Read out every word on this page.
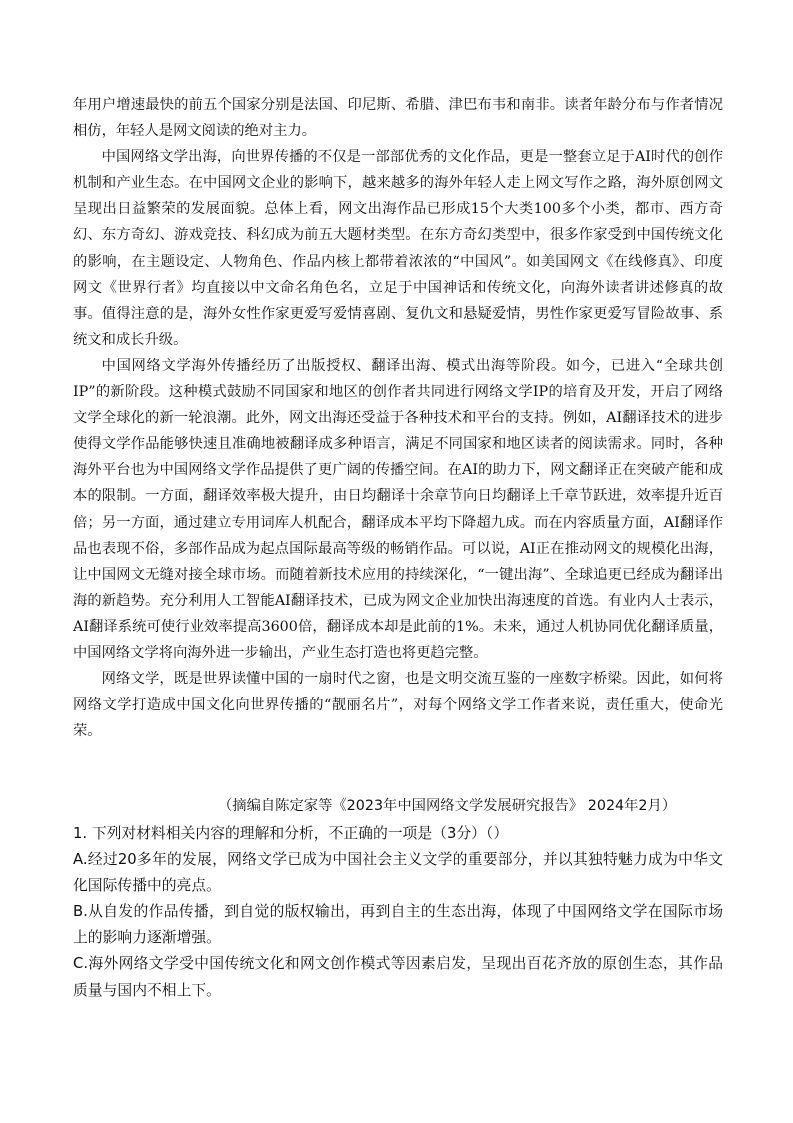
年用户增速最快的前五个国家分别是法国、印尼斯、希腊、津巴布韦和南非。读者年龄分布与作者情况相仿，年轻人是网文阅读的绝对主力。

中国网络文学出海，向世界传播的不仅是一部部优秀的文化作品，更是一整套立足于AI时代的创作机制和产业生态。在中国网文企业的影响下，越来越多的海外年轻人走上网文写作之路，海外原创网文呈现出日益繁荣的发展面貌。总体上看，网文出海作品已形成15个大类100多个小类，都市、西方奇幻、东方奇幻、游戏竞技、科幻成为前五大题材类型。在东方奇幻类型中，很多作家受到中国传统文化的影响，在主题设定、人物角色、作品内核上都带着浓浓的“中国风”。如美国网文《在线修真》、印度网文《世界行者》均直接以中文命名角色名，立足于中国神话和传统文化，向海外读者讲述修真的故事。值得注意的是，海外女性作家更爱写爱情喜剧、复仇文和悬疑爱情，男性作家更爱写冒险故事、系统文和成长升级。

中国网络文学海外传播经历了出版授权、翻译出海、模式出海等阶段。如今，已进入“全球共创IP”的新阶段。这种模式鼓励不同国家和地区的创作者共同进行网络文学IP的培育及开发，开启了网络文学全球化的新一轮浪潮。此外，网文出海还受益于各种技术和平台的支持。例如，AI翻译技术的进步使得文学作品能够快速且准确地被翻译成多种语言，满足不同国家和地区读者的阅读需求。同时，各种海外平台也为中国网络文学作品提供了更广阔的传播空间。在AI的助力下，网文翻译正在突破产能和成本的限制。一方面，翻译效率极大提升，由日均翻译十余章节向日均翻译上千章节跃进，效率提升近百倍；另一方面，通过建立专用词库人机配合，翻译成本平均下降超九成。而在内容质量方面，AI翻译作品也表现不俗，多部作品成为起点国际最高等级的畅销作品。可以说，AI正在推动网文的规模化出海，让中国网文无缝对接全球市场。而随着新技术应用的持续深化，“一键出海”、全球追更已经成为翻译出海的新趋势。充分利用人工智能AI翻译技术，已成为网文企业加快出海速度的首选。有业内人士表示，AI翻译系统可使行业效率提高3600倍，翻译成本却是此前的1%。未来，通过人机协同优化翻译质量，中国网络文学将向海外进一步输出，产业生态打造也将更趋完整。

网络文学，既是世界读懂中国的一扇时代之窗，也是文明交流互鉴的一座数字桥梁。因此，如何将网络文学打造成中国文化向世界传播的“靓丽名片”，对每个网络文学工作者来说，责任重大，使命光荣。

（摘编自陈定家等《2023年中国网络文学发展研究报告》 2024年2月）

1. 下列对材料相关内容的理解和分析，不正确的一项是（3分）（）

A.经过20多年的发展，网络文学已成为中国社会主义文学的重要部分，并以其独特魅力成为中华文化国际传播中的亮点。

B.从自发的作品传播，到自觉的版权输出，再到自主的生态出海，体现了中国网络文学在国际市场上的影响力逐渐增强。

C.海外网络文学受中国传统文化和网文创作模式等因素启发，呈现出百花齐放的原创生态，其作品质量与国内不相上下。
